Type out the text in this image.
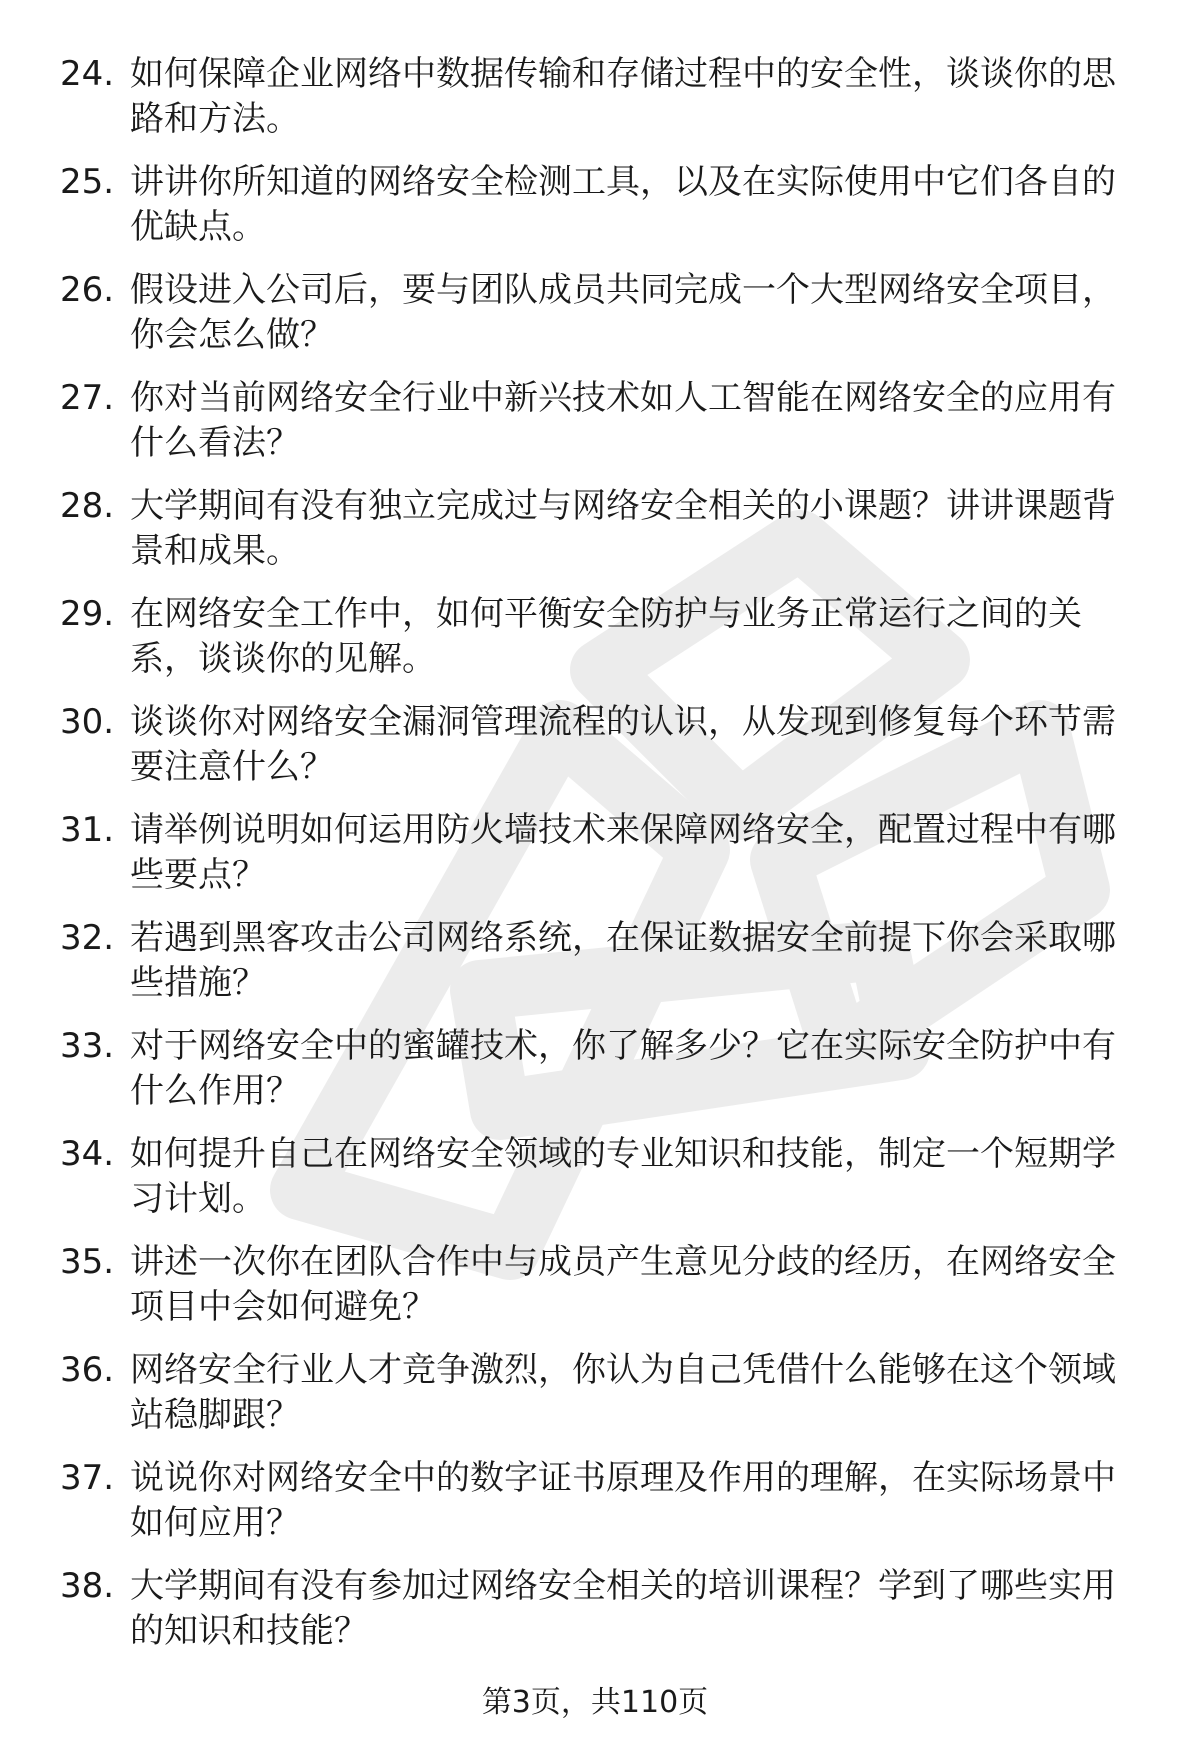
24. 如何保障企业网络中数据传输和存储过程中的安全性，谈谈你的思路和方法。
25. 讲讲你所知道的网络安全检测工具，以及在实际使用中它们各自的优缺点。
26. 假设进入公司后，要与团队成员共同完成一个大型网络安全项目，你会怎么做？
27. 你对当前网络安全行业中新兴技术如人工智能在网络安全的应用有什么看法？
28. 大学期间有没有独立完成过与网络安全相关的小课题？讲讲课题背景和成果。
29. 在网络安全工作中，如何平衡安全防护与业务正常运行之间的关系，谈谈你的见解。
30. 谈谈你对网络安全漏洞管理流程的认识，从发现到修复每个环节需要注意什么？
31. 请举例说明如何运用防火墙技术来保障网络安全，配置过程中有哪些要点？
32. 若遇到黑客攻击公司网络系统，在保证数据安全前提下你会采取哪些措施？
33. 对于网络安全中的蜜罐技术，你了解多少？它在实际安全防护中有什么作用？
34. 如何提升自己在网络安全领域的专业知识和技能，制定一个短期学习计划。
35. 讲述一次你在团队合作中与成员产生意见分歧的经历，在网络安全项目中会如何避免？
36. 网络安全行业人才竞争激烈，你认为自己凭借什么能够在这个领域站稳脚跟？
37. 说说你对网络安全中的数字证书原理及作用的理解，在实际场景中如何应用？
38. 大学期间有没有参加过网络安全相关的培训课程？学到了哪些实用的知识和技能？
第3页，共110页
